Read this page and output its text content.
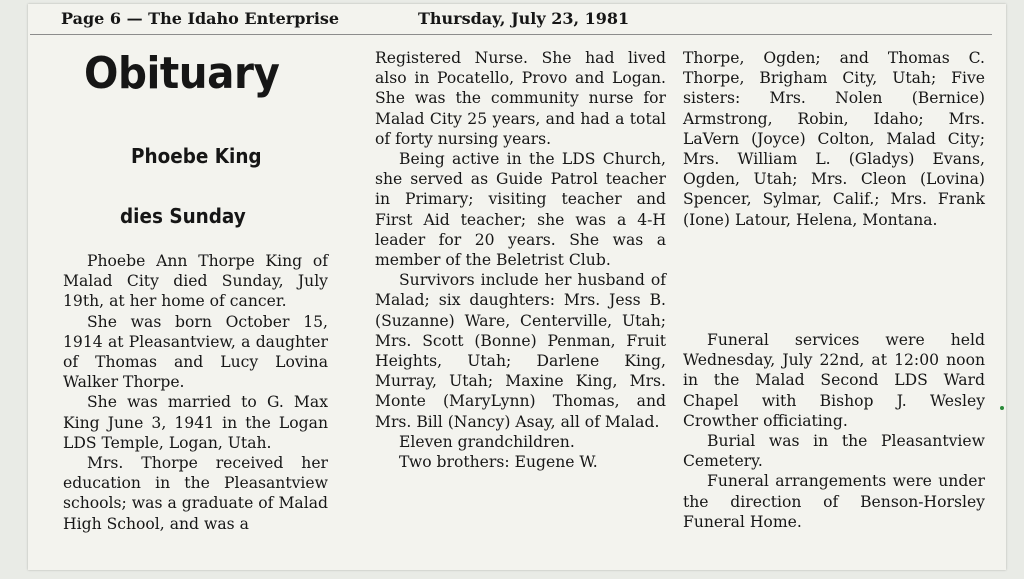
Page 6 — The Idaho Enterprise	Thursday, July 23, 1981
Obituary
Phoebe King
dies Sunday

Phoebe Ann Thorpe King of Malad City died Sunday, July 19th, at her home of cancer.

She was born October 15, 1914 at Pleasantview, a daughter of Thomas and Lucy Lovina Walker Thorpe.

She was married to G. Max King June 3, 1941 in the Logan LDS Temple, Logan, Utah.

Mrs. Thorpe received her education in the Pleasantview schools; was a graduate of Malad High School, and was a

Registered Nurse. She had lived also in Pocatello, Provo and Logan. She was the community nurse for Malad City 25 years, and had a total of forty nursing years.

Being active in the LDS Church, she served as Guide Patrol teacher in Primary; visiting teacher and First Aid teacher; she was a 4-H leader for 20 years. She was a member of the Beletrist Club.

Survivors include her husband of Malad; six daughters: Mrs. Jess B. (Suzanne) Ware, Centerville, Utah; Mrs. Scott (Bonne) Penman, Fruit Heights, Utah; Darlene King, Murray, Utah; Maxine King, Mrs. Monte (MaryLynn) Thomas, and Mrs. Bill (Nancy) Asay, all of Malad.

Eleven grandchildren.

Two brothers: Eugene W.

Thorpe, Ogden; and Thomas C. Thorpe, Brigham City, Utah; Five sisters: Mrs. Nolen (Bernice) Armstrong, Robin, Idaho; Mrs. LaVern (Joyce) Colton, Malad City; Mrs. William L. (Gladys) Evans, Ogden, Utah; Mrs. Cleon (Lovina) Spencer, Sylmar, Calif.; Mrs. Frank (Ione) Latour, Helena, Montana.

Funeral services were held Wednesday, July 22nd, at 12:00 noon in the Malad Second LDS Ward Chapel with Bishop J. Wesley Crowther officiating.

Burial was in the Pleasantview Cemetery.

Funeral arrangements were under the direction of Benson-Horsley Funeral Home.
